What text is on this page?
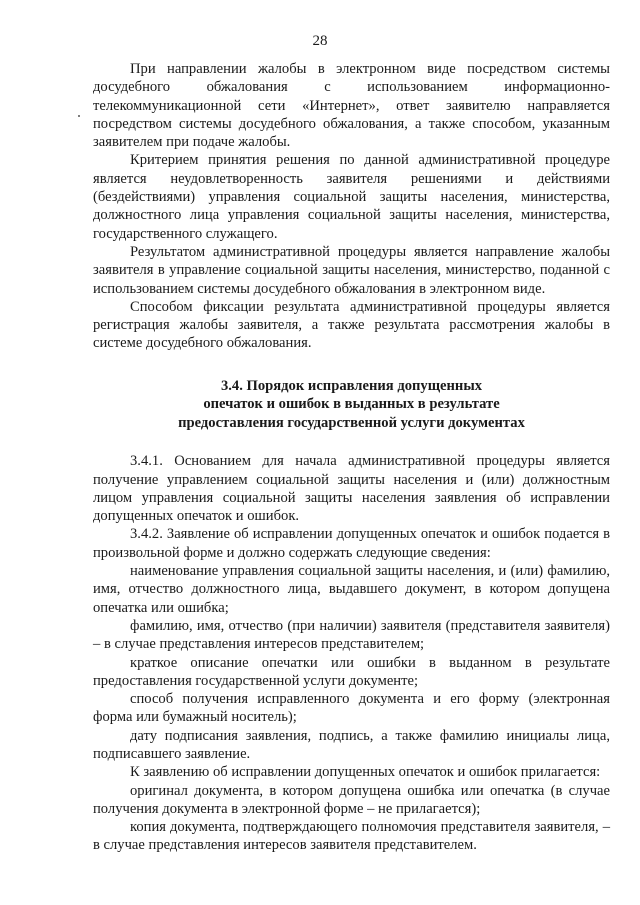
28

При направлении жалобы в электронном виде посредством системы досудебного обжалования с использованием информационно-телекоммуникационной сети «Интернет», ответ заявителю направляется посредством системы досудебного обжалования, а также способом, указанным заявителем при подаче жалобы.

Критерием принятия решения по данной административной процедуре является неудовлетворенность заявителя решениями и действиями (бездействиями) управления социальной защиты населения, министерства, должностного лица управления социальной защиты населения, министерства, государственного служащего.

Результатом административной процедуры является направление жалобы заявителя в управление социальной защиты населения, министерство, поданной с использованием системы досудебного обжалования в электронном виде.

Способом фиксации результата административной процедуры является регистрация жалобы заявителя, а также результата рассмотрения жалобы в системе досудебного обжалования.

3.4. Порядок исправления допущенных
опечаток и ошибок в выданных в результате
предоставления государственной услуги документах

3.4.1. Основанием для начала административной процедуры является получение управлением социальной защиты населения и (или) должностным лицом управления социальной защиты населения заявления об исправлении допущенных опечаток и ошибок.

3.4.2. Заявление об исправлении допущенных опечаток и ошибок подается в произвольной форме и должно содержать следующие сведения:

наименование управления социальной защиты населения, и (или) фамилию, имя, отчество должностного лица, выдавшего документ, в котором допущена опечатка или ошибка;

фамилию, имя, отчество (при наличии) заявителя (представителя заявителя) – в случае представления интересов представителем;

краткое описание опечатки или ошибки в выданном в результате предоставления государственной услуги документе;

способ получения исправленного документа и его форму (электронная форма или бумажный носитель);

дату подписания заявления, подпись, а также фамилию инициалы лица, подписавшего заявление.

К заявлению об исправлении допущенных опечаток и ошибок прилагается:

оригинал документа, в котором допущена ошибка или опечатка (в случае получения документа в электронной форме – не прилагается);

копия документа, подтверждающего полномочия представителя заявителя, – в случае представления интересов заявителя представителем.
